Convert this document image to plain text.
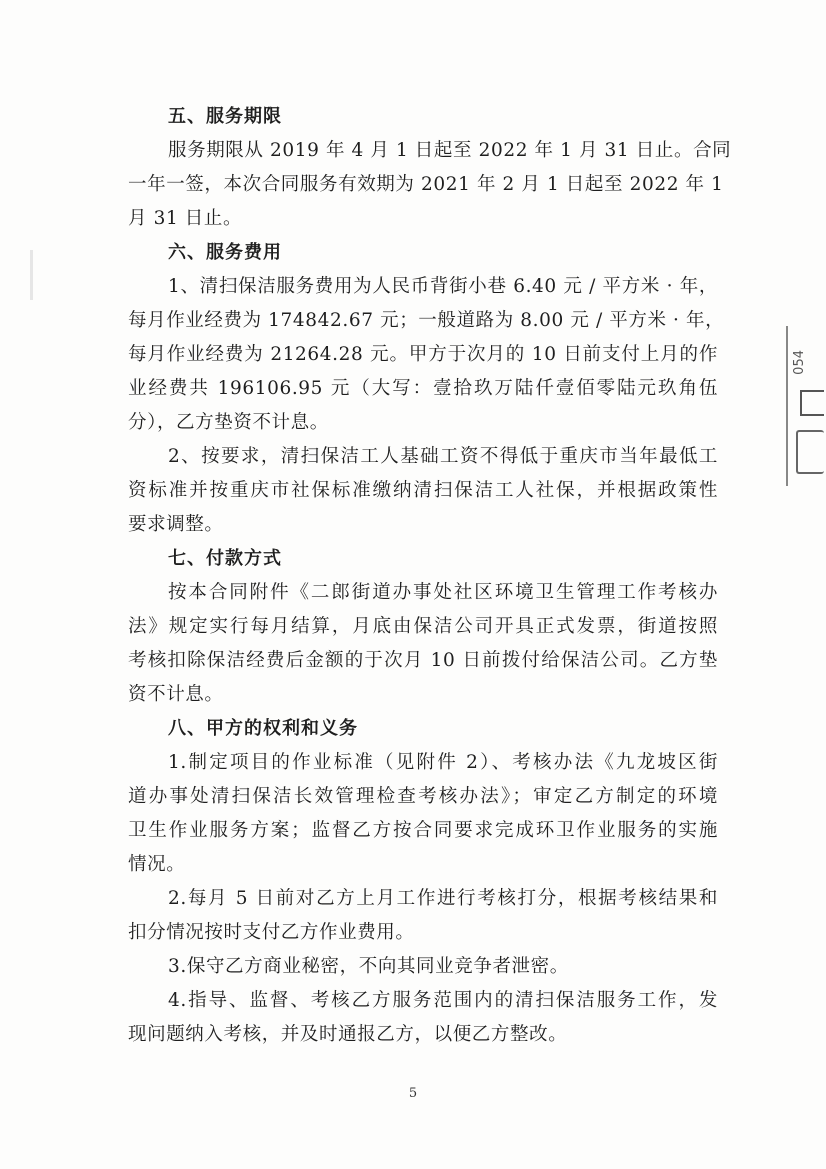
五、服务期限
服务期限从 2019 年 4 月 1 日起至 2022 年 1 月 31 日止。合同
一年一签，本次合同服务有效期为 2021 年 2 月 1 日起至 2022 年 1
月 31 日止。
六、服务费用
1、清扫保洁服务费用为人民币背街小巷 6.40 元 / 平方米 · 年，
每月作业经费为 174842.67 元；一般道路为 8.00 元 / 平方米 · 年，
每月作业经费为 21264.28 元。甲方于次月的 10 日前支付上月的作
业经费共 196106.95 元（大写：壹拾玖万陆仟壹佰零陆元玖角伍
分），乙方垫资不计息。
2、按要求，清扫保洁工人基础工资不得低于重庆市当年最低工
资标准并按重庆市社保标准缴纳清扫保洁工人社保，并根据政策性
要求调整。
七、付款方式
按本合同附件《二郎街道办事处社区环境卫生管理工作考核办
法》规定实行每月结算，月底由保洁公司开具正式发票，街道按照
考核扣除保洁经费后金额的于次月 10 日前拨付给保洁公司。乙方垫
资不计息。
八、甲方的权利和义务
1.制定项目的作业标准（见附件 2）、考核办法《九龙坡区街
道办事处清扫保洁长效管理检查考核办法》；审定乙方制定的环境
卫生作业服务方案；监督乙方按合同要求完成环卫作业服务的实施
情况。
2.每月 5 日前对乙方上月工作进行考核打分，根据考核结果和
扣分情况按时支付乙方作业费用。
3.保守乙方商业秘密，不向其同业竞争者泄密。
4.指导、监督、考核乙方服务范围内的清扫保洁服务工作，发
现问题纳入考核，并及时通报乙方，以便乙方整改。
054
5
